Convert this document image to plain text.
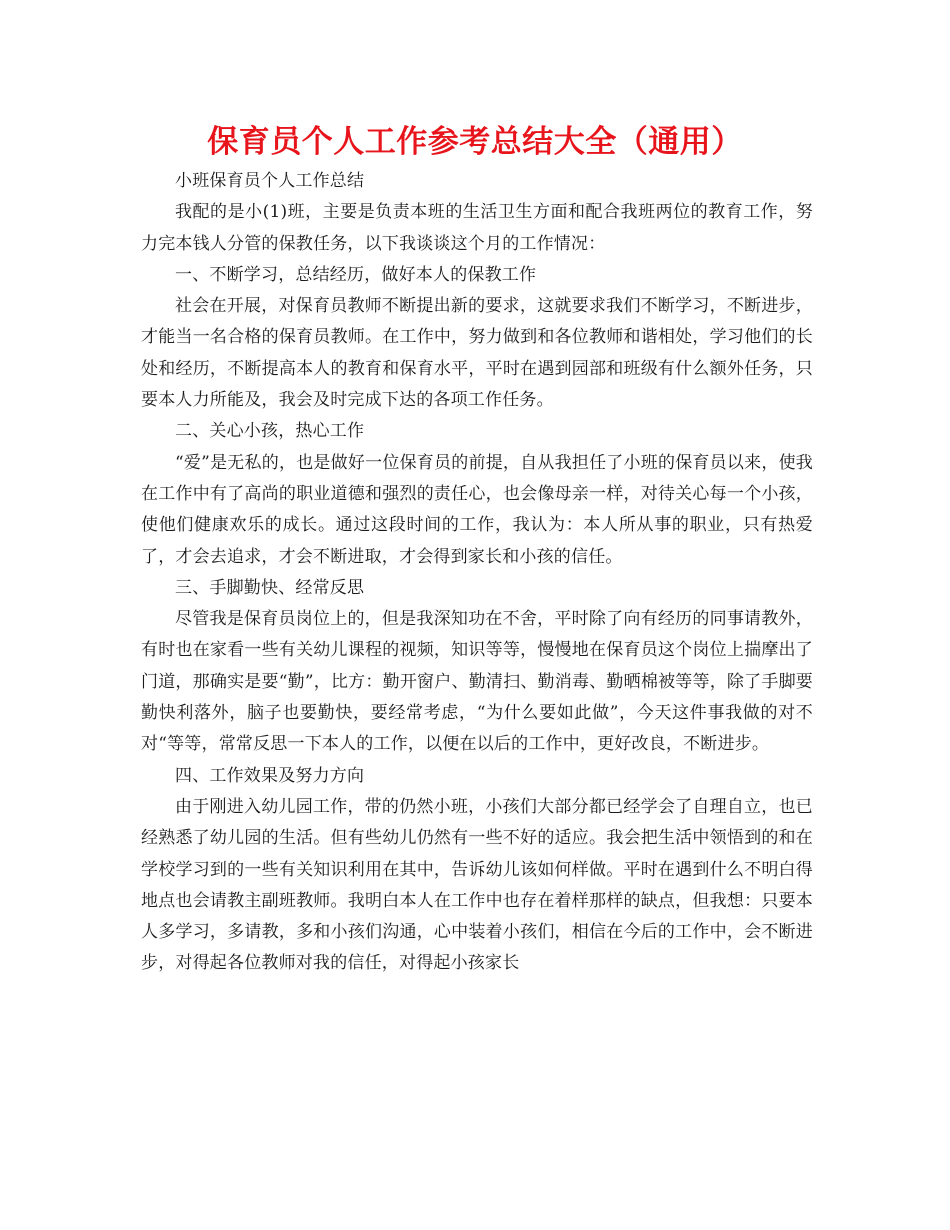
保育员个人工作参考总结大全（通用）

小班保育员个人工作总结

我配的是小(1)班，主要是负责本班的生活卫生方面和配合我班两位的教育工作，努力完本钱人分管的保教任务，以下我谈谈这个月的工作情况：

一、不断学习，总结经历，做好本人的保教工作

社会在开展，对保育员教师不断提出新的要求，这就要求我们不断学习，不断进步，才能当一名合格的保育员教师。在工作中，努力做到和各位教师和谐相处，学习他们的长处和经历，不断提高本人的教育和保育水平，平时在遇到园部和班级有什么额外任务，只要本人力所能及，我会及时完成下达的各项工作任务。

二、关心小孩，热心工作

“爱”是无私的，也是做好一位保育员的前提，自从我担任了小班的保育员以来，使我在工作中有了高尚的职业道德和强烈的责任心，也会像母亲一样，对待关心每一个小孩，使他们健康欢乐的成长。通过这段时间的工作，我认为：本人所从事的职业，只有热爱了，才会去追求，才会不断进取，才会得到家长和小孩的信任。

三、手脚勤快、经常反思

尽管我是保育员岗位上的，但是我深知功在不舍，平时除了向有经历的同事请教外，有时也在家看一些有关幼儿课程的视频，知识等等，慢慢地在保育员这个岗位上揣摩出了门道，那确实是要“勤”，比方：勤开窗户、勤清扫、勤消毒、勤晒棉被等等，除了手脚要勤快利落外，脑子也要勤快，要经常考虑，“为什么要如此做”，今天这件事我做的对不对“等等，常常反思一下本人的工作，以便在以后的工作中，更好改良，不断进步。

四、工作效果及努力方向

由于刚进入幼儿园工作，带的仍然小班，小孩们大部分都已经学会了自理自立，也已经熟悉了幼儿园的生活。但有些幼儿仍然有一些不好的适应。我会把生活中领悟到的和在学校学习到的一些有关知识利用在其中，告诉幼儿该如何样做。平时在遇到什么不明白得地点也会请教主副班教师。我明白本人在工作中也存在着样那样的缺点，但我想：只要本人多学习，多请教，多和小孩们沟通，心中装着小孩们，相信在今后的工作中，会不断进步，对得起各位教师对我的信任，对得起小孩家长
